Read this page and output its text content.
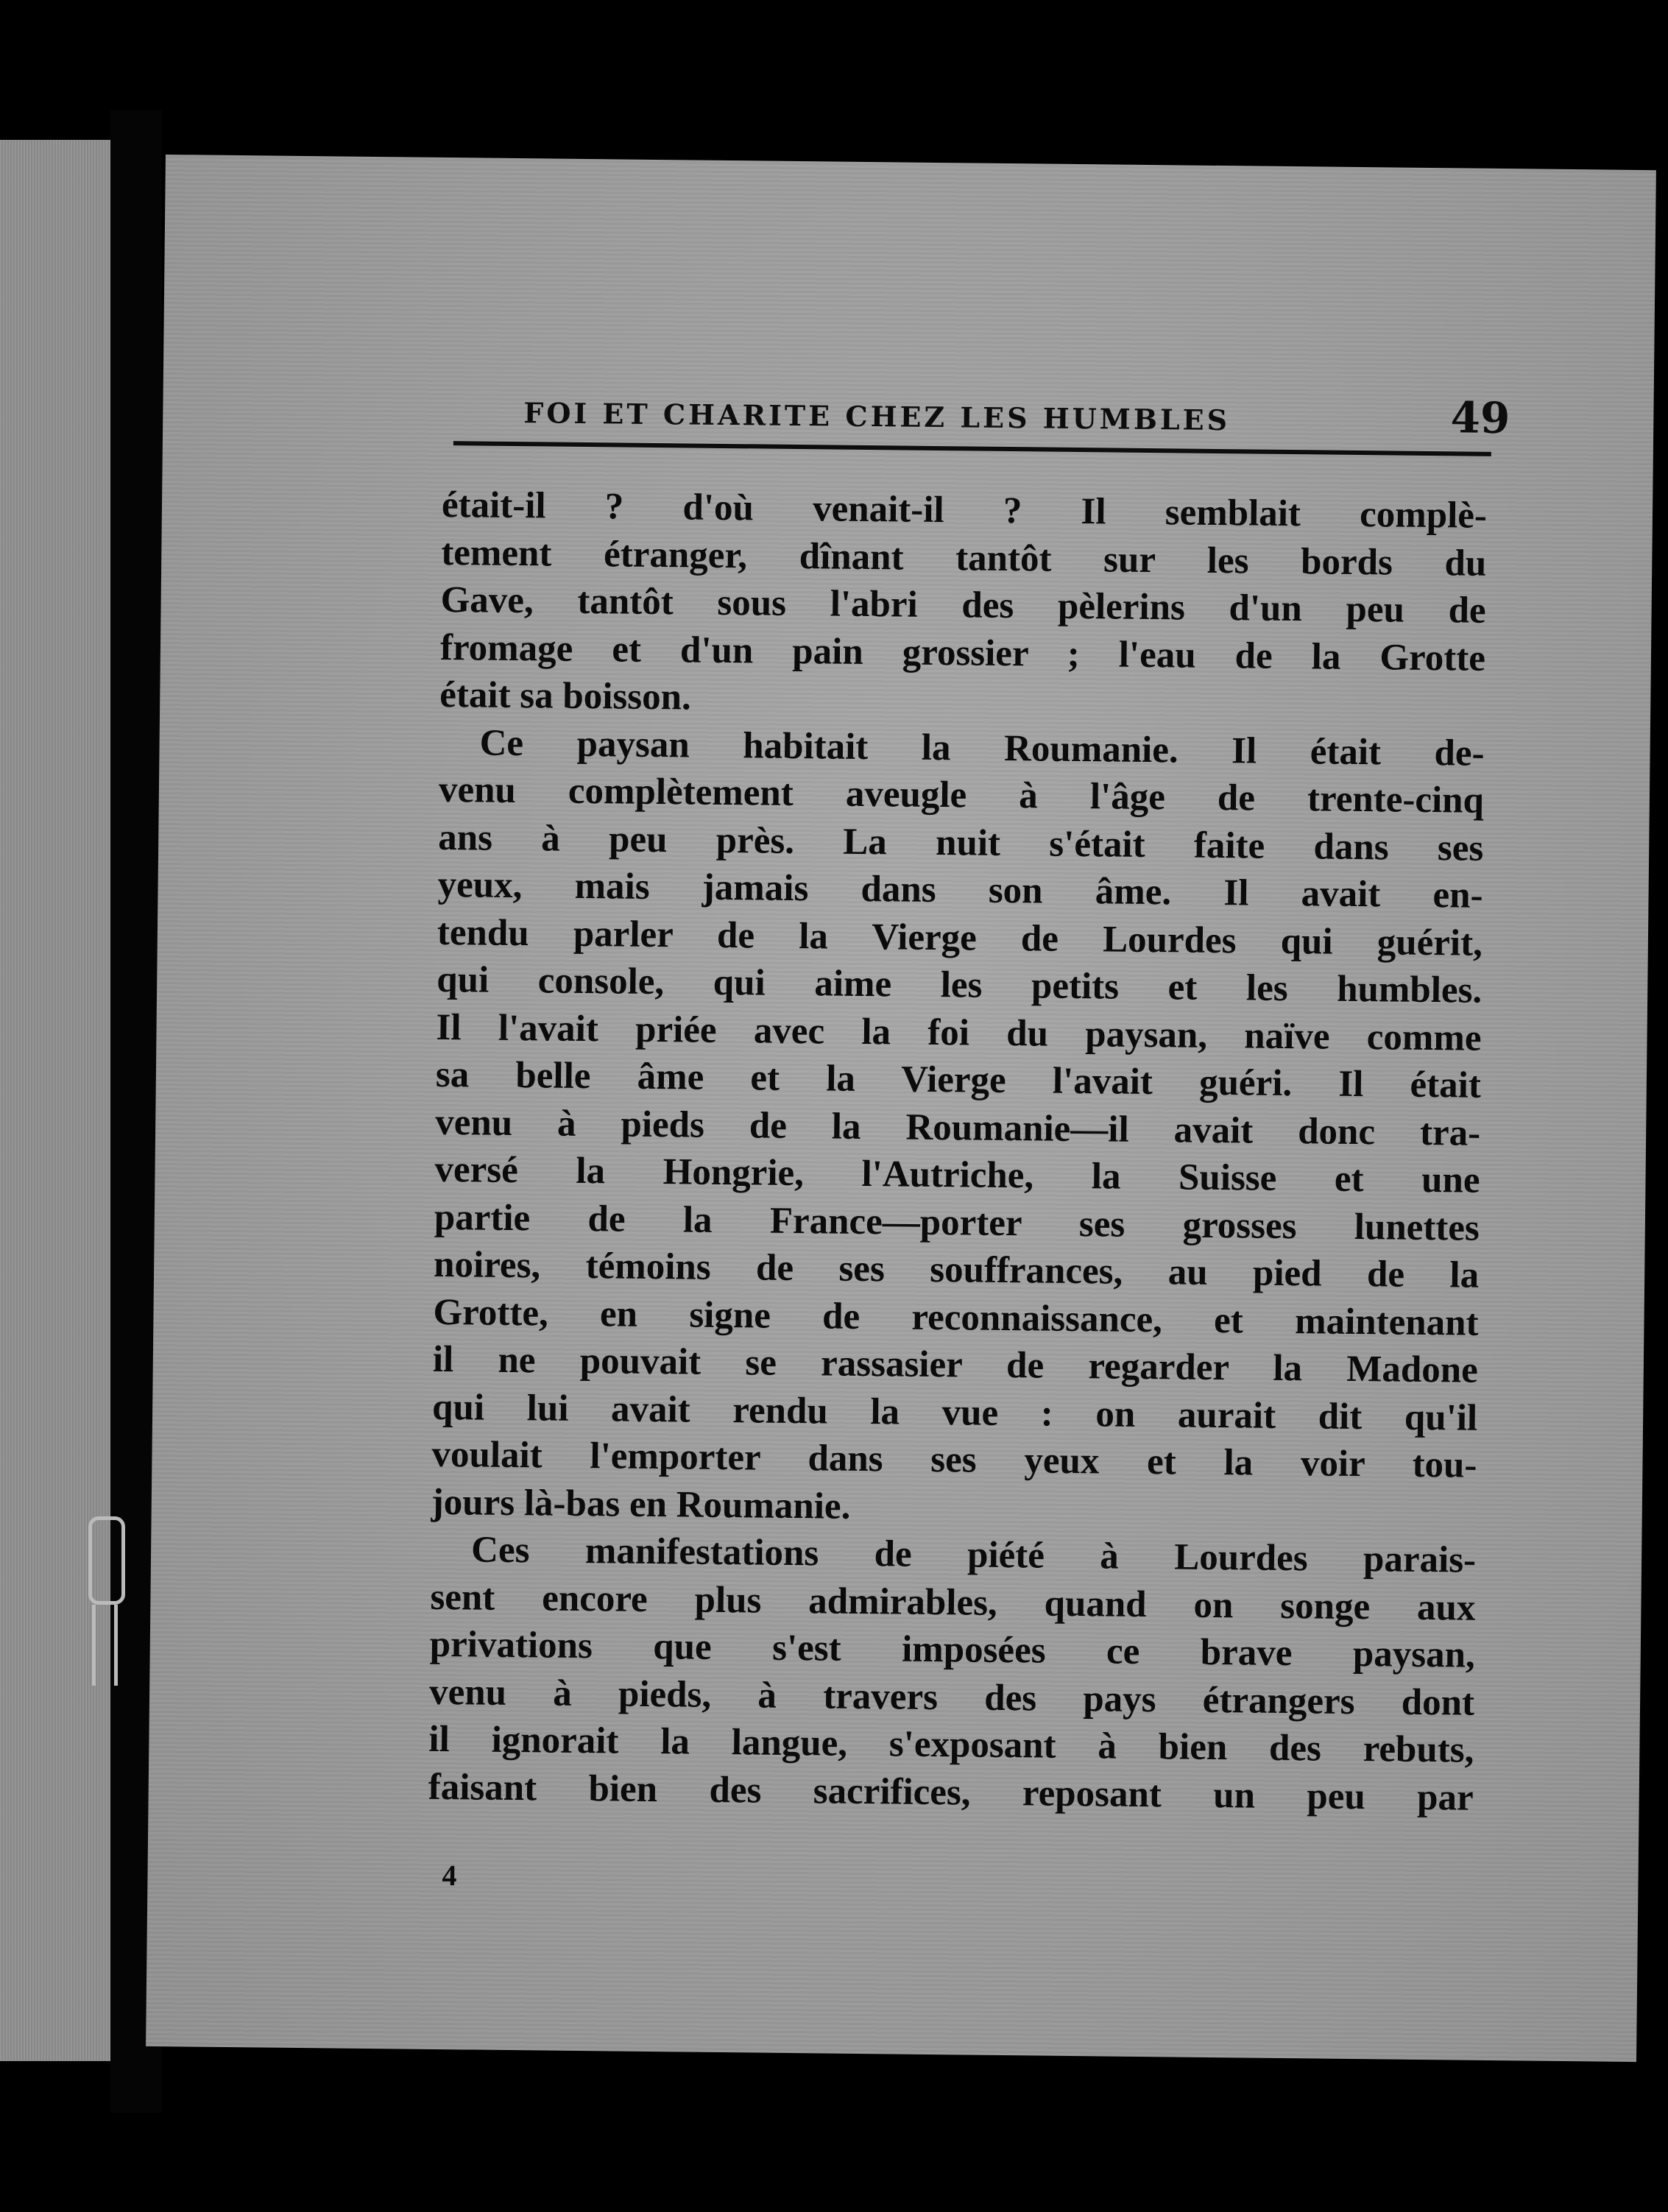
FOI ET CHARITE CHEZ LES HUMBLES	49
était-il ? d'où venait-il ? Il semblait complè-
tement étranger, dînant tantôt sur les bords du
Gave, tantôt sous l'abri des pèlerins d'un peu de
fromage et d'un pain grossier ; l'eau de la Grotte
était sa boisson.
Ce paysan habitait la Roumanie. Il était de-
venu complètement aveugle à l'âge de trente-cinq
ans à peu près. La nuit s'était faite dans ses
yeux, mais jamais dans son âme. Il avait en-
tendu parler de la Vierge de Lourdes qui guérit,
qui console, qui aime les petits et les humbles.
Il l'avait priée avec la foi du paysan, naïve comme
sa belle âme et la Vierge l'avait guéri. Il était
venu à pieds de la Roumanie—il avait donc tra-
versé la Hongrie, l'Autriche, la Suisse et une
partie de la France—porter ses grosses lunettes
noires, témoins de ses souffrances, au pied de la
Grotte, en signe de reconnaissance, et maintenant
il ne pouvait se rassasier de regarder la Madone
qui lui avait rendu la vue : on aurait dit qu'il
voulait l'emporter dans ses yeux et la voir tou-
jours là-bas en Roumanie.
Ces manifestations de piété à Lourdes parais-
sent encore plus admirables, quand on songe aux
privations que s'est imposées ce brave paysan,
venu à pieds, à travers des pays étrangers dont
il ignorait la langue, s'exposant à bien des rebuts,
faisant bien des sacrifices, reposant un peu par
4
